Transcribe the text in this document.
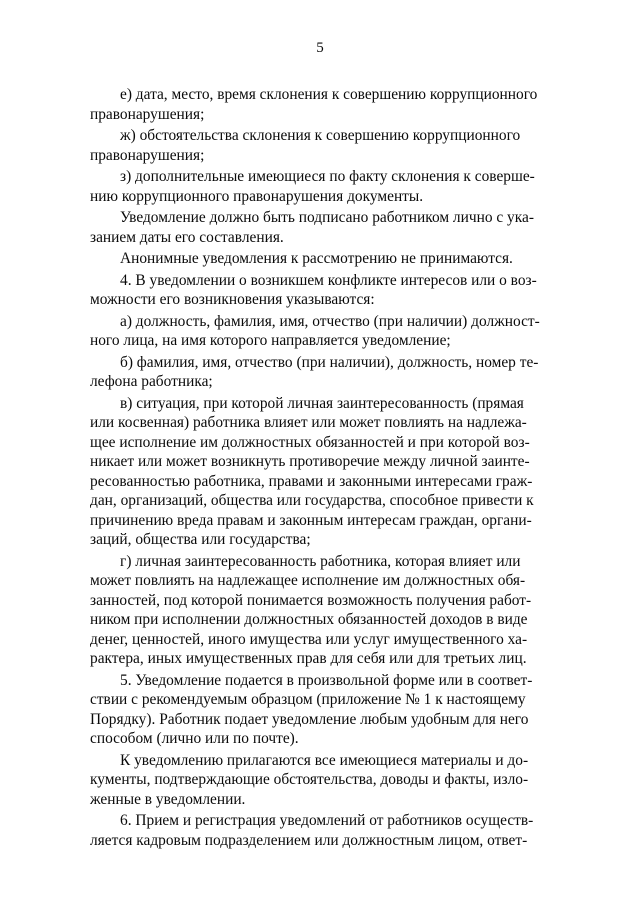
5

е) дата, место, время склонения к совершению коррупционного
правонарушения;

ж) обстоятельства склонения к совершению коррупционного
правонарушения;

з) дополнительные имеющиеся по факту склонения к соверше-
нию коррупционного правонарушения документы.

Уведомление должно быть подписано работником лично с ука-
занием даты его составления.

Анонимные уведомления к рассмотрению не принимаются.

4. В уведомлении о возникшем конфликте интересов или о воз-
можности его возникновения указываются:

а) должность, фамилия, имя, отчество (при наличии) должност-
ного лица, на имя которого направляется уведомление;

б) фамилия, имя, отчество (при наличии), должность, номер те-
лефона работника;

в) ситуация, при которой личная заинтересованность (прямая
или косвенная) работника влияет или может повлиять на надлежа-
щее исполнение им должностных обязанностей и при которой воз-
никает или может возникнуть противоречие между личной заинте-
ресованностью работника, правами и законными интересами граж-
дан, организаций, общества или государства, способное привести к
причинению вреда правам и законным интересам граждан, органи-
заций, общества или государства;

г) личная заинтересованность работника, которая влияет или
может повлиять на надлежащее исполнение им должностных обя-
занностей, под которой понимается возможность получения работ-
ником при исполнении должностных обязанностей доходов в виде
денег, ценностей, иного имущества или услуг имущественного ха-
рактера, иных имущественных прав для себя или для третьих лиц.

5. Уведомление подается в произвольной форме или в соответ-
ствии с рекомендуемым образцом (приложение № 1 к настоящему
Порядку). Работник подает уведомление любым удобным для него
способом (лично или по почте).

К уведомлению прилагаются все имеющиеся материалы и до-
кументы, подтверждающие обстоятельства, доводы и факты, изло-
женные в уведомлении.

6. Прием и регистрация уведомлений от работников осуществ-
ляется кадровым подразделением или должностным лицом, ответ-
